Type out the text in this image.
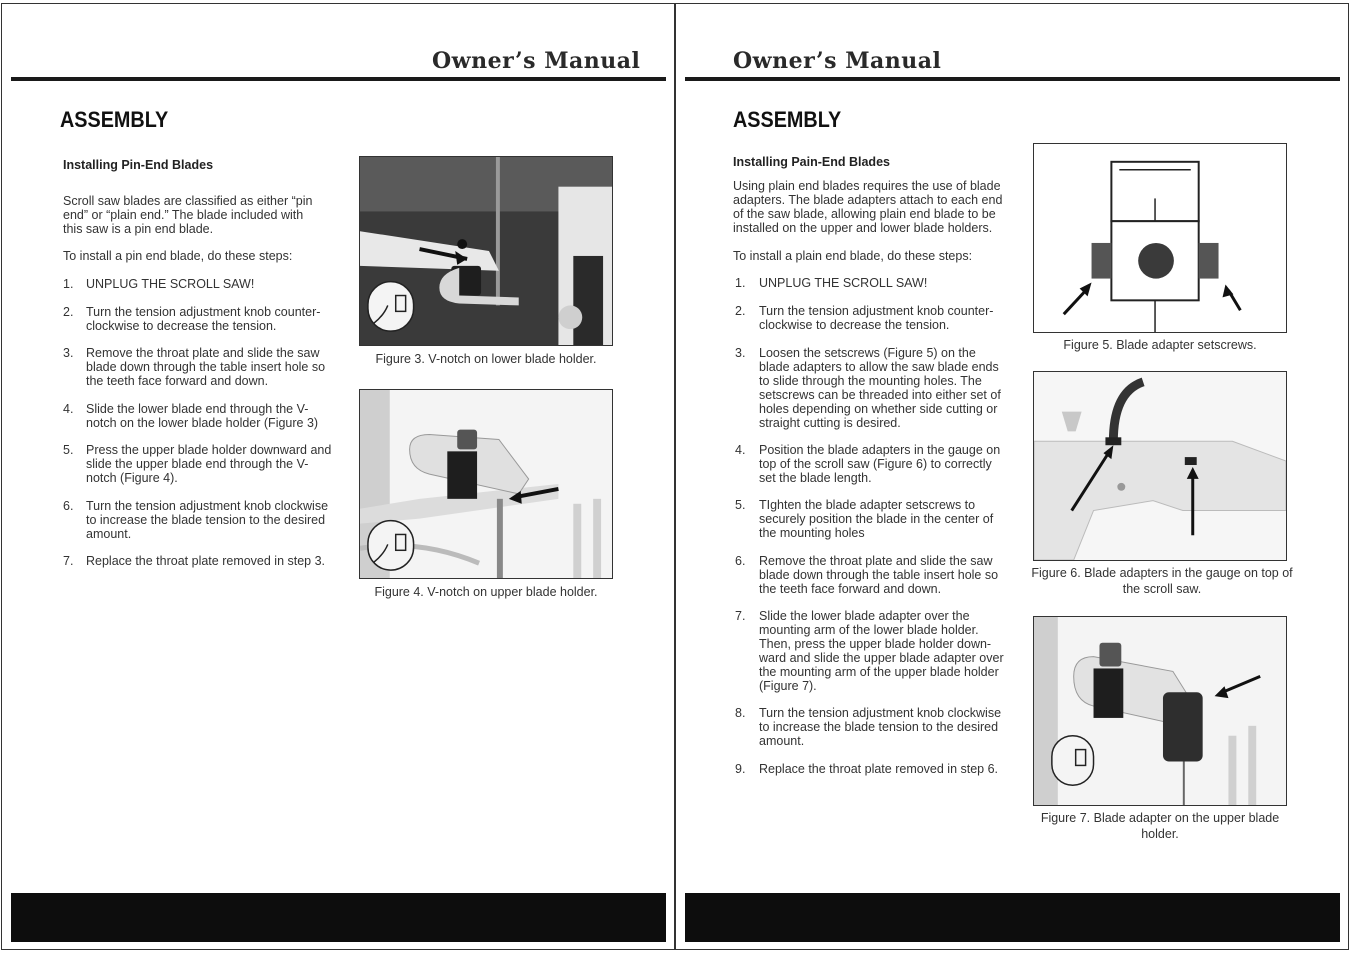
Owner’s Manual
ASSEMBLY
Installing Pin-End Blades
Scroll saw blades are classified as either “pin end” or “plain end.” The blade included with this saw is a pin end blade.
To install a pin end blade, do these steps:
1. UNPLUG THE SCROLL SAW!
2. Turn the tension adjustment knob counter-clockwise to decrease the tension.
3. Remove the throat plate and slide the saw blade down through the table insert hole so the teeth face forward and down.
4. Slide the lower blade end through the V-notch on the lower blade holder (Figure 3)
5. Press the upper blade holder downward and slide the upper blade end through the V-notch (Figure 4).
6. Turn the tension adjustment knob clockwise to increase the blade tension to the desired amount.
7. Replace the throat plate removed in step 3.
Figure 3. V-notch on lower blade holder.
Figure 4. V-notch on upper blade holder.
Owner’s Manual
ASSEMBLY
Installing Pain-End Blades
Using plain end blades requires the use of blade adapters. The blade adapters attach to each end of the saw blade, allowing plain end blade to be installed on the upper and lower blade holders.
To install a plain end blade, do these steps:
1. UNPLUG THE SCROLL SAW!
2. Turn the tension adjustment knob counter-clockwise to decrease the tension.
3. Loosen the setscrews (Figure 5) on the blade adapters to allow the saw blade ends to slide through the mounting holes. The setscrews can be threaded into either set of holes depending on whether side cutting or straight cutting is desired.
4. Position the blade adapters in the gauge on top of the scroll saw (Figure 6) to correctly set the blade length.
5. TIghten the blade adapter setscrews to securely position the blade in the center of the mounting holes
6. Remove the throat plate and slide the saw blade down through the table insert hole so the teeth face forward and down.
7. Slide the lower blade adapter over the mounting arm of the lower blade holder. Then, press the upper blade holder down-ward and slide the upper blade adapter over the mounting arm of the upper blade holder (Figure 7).
8. Turn the tension adjustment knob clockwise to increase the blade tension to the desired amount.
9. Replace the throat plate removed in step 6.
Figure 5. Blade adapter setscrews.
Figure 6. Blade adapters in the gauge on top of the scroll saw.
Figure 7. Blade adapter on the upper blade holder.
